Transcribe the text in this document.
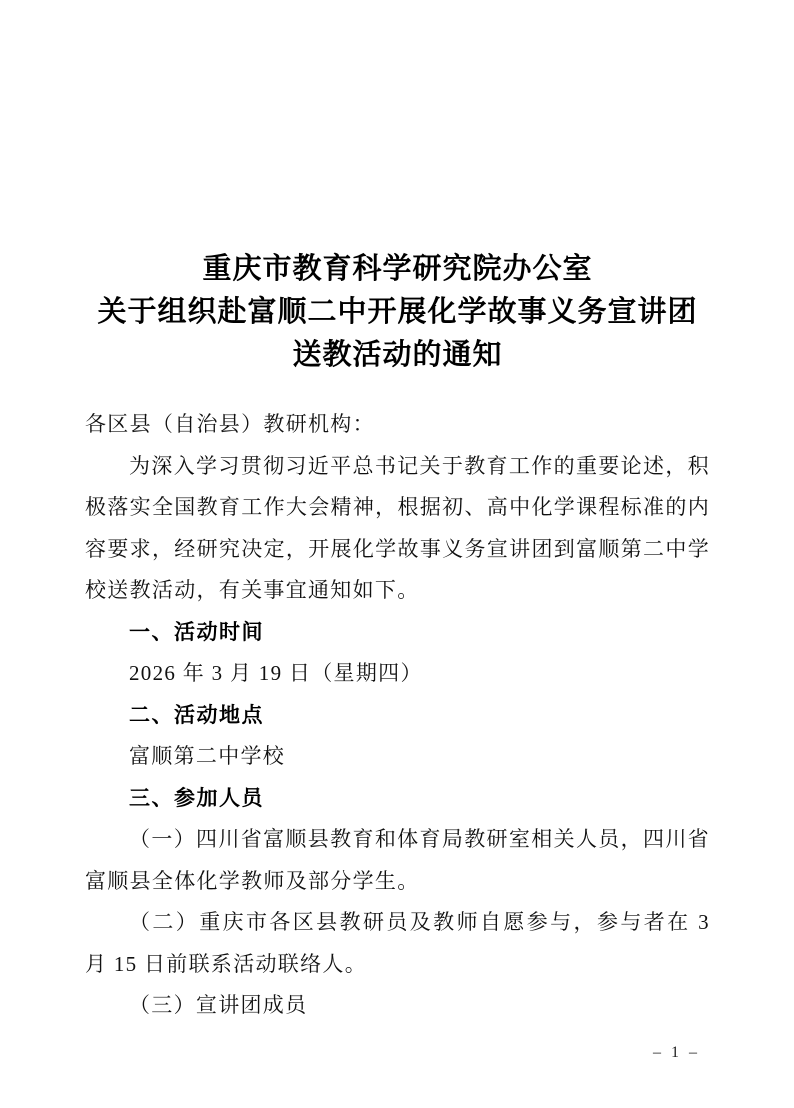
重庆市教育科学研究院办公室
关于组织赴富顺二中开展化学故事义务宣讲团
送教活动的通知

各区县（自治县）教研机构：

为深入学习贯彻习近平总书记关于教育工作的重要论述，积极落实全国教育工作大会精神，根据初、高中化学课程标准的内容要求，经研究决定，开展化学故事义务宣讲团到富顺第二中学校送教活动，有关事宜通知如下。

一、活动时间

2026 年 3 月 19 日（星期四）

二、活动地点

富顺第二中学校

三、参加人员

（一）四川省富顺县教育和体育局教研室相关人员，四川省富顺县全体化学教师及部分学生。

（二）重庆市各区县教研员及教师自愿参与，参与者在 3 月 15 日前联系活动联络人。

（三）宣讲团成员

– 1 –
